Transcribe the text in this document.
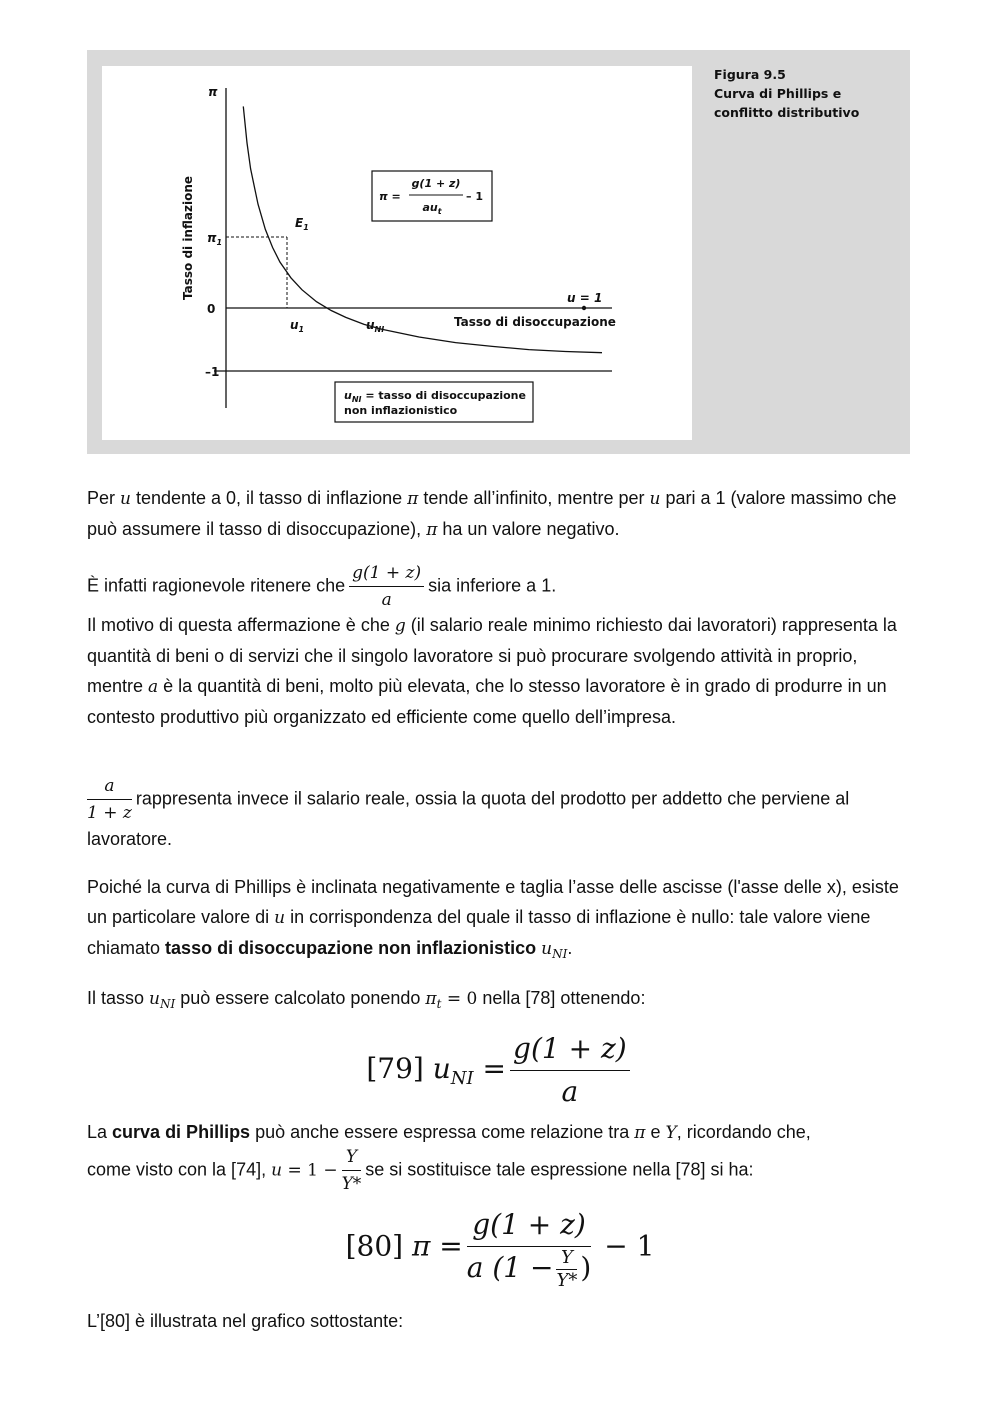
Tasso di inflazione
π
$\pi_1$
0
–1
$E_1$
$u_1$	$u_{NI}$
u = 1
Tasso di disoccupazione
π =
g(1 + z)
$au_t$
– 1
$u_{NI}$ = tasso di disoccupazione
non inflazionistico
Figura 9.5
Curva di Phillips e conflitto distributivo
Per u tendente a 0, il tasso di inflazione π tende all’infinito, mentre per u pari a 1 (valore massimo che può assumere il tasso di disoccupazione), π ha un valore negativo.
È infatti ragionevole ritenere che $\frac{g(1 + z)}{a}$ sia inferiore a 1.
Il motivo di questa affermazione è che g (il salario reale minimo richiesto dai lavoratori) rappresenta la quantità di beni o di servizi che il singolo lavoratore si può procurare svolgendo attività in proprio, mentre a è la quantità di beni, molto più elevata, che lo stesso lavoratore è in grado di produrre in un contesto produttivo più organizzato ed efficiente come quello dell’impresa.
$\frac{a}{1 + z}$ rappresenta invece il salario reale, ossia la quota del prodotto per addetto che perviene al lavoratore.
Poiché la curva di Phillips è inclinata negativamente e taglia l’asse delle ascisse (l'asse delle x), esiste un particolare valore di u in corrispondenza del quale il tasso di inflazione è nullo: tale valore viene chiamato tasso di disoccupazione non inflazionistico $u_{NI}$.
Il tasso $u_{NI}$ può essere calcolato ponendo $\pi_t = 0$ nella [78] ottenendo:
[79] $u_{NI} = \frac{g(1 + z)}{a}$
La curva di Phillips può anche essere espressa come relazione tra π e Y, ricordando che,
come visto con la [74], $u = 1 - \frac{Y}{Y*}$ se si sostituisce tale espressione nella [78] si ha:
[80] $\pi = \frac{g(1 + z)}{a (1 - \frac{Y}{Y*} )} - 1$
L’[80] è illustrata nel grafico sottostante:
